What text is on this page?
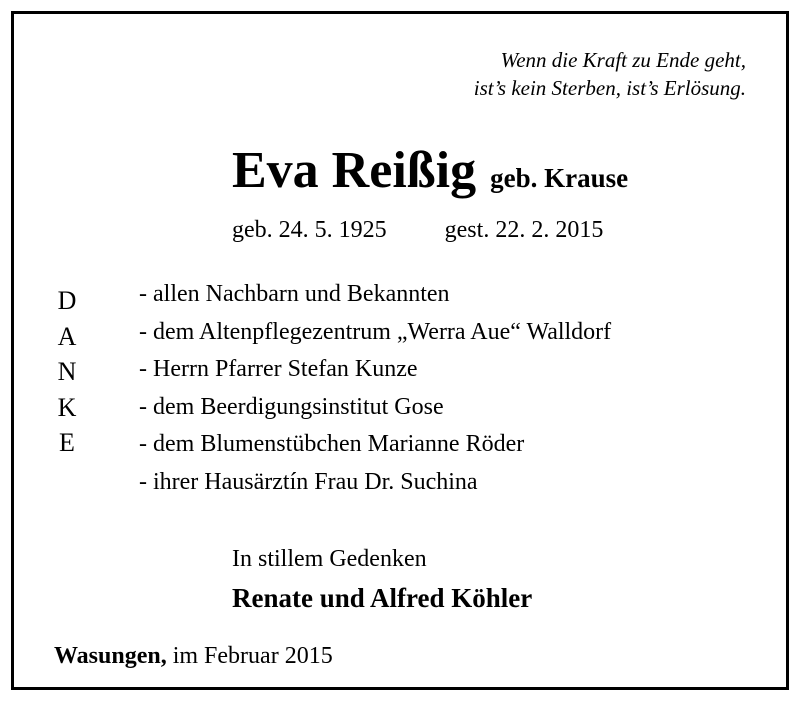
Wenn die Kraft zu Ende geht,
ist’s kein Sterben, ist’s Erlösung.
Eva Reißig geb. Krause
geb. 24. 5. 1925 gest. 22. 2. 2015
D
A
N
K
E
- allen Nachbarn und Bekannten
- dem Altenpflegezentrum „Werra Aue“ Walldorf
- Herrn Pfarrer Stefan Kunze
- dem Beerdigungsinstitut Gose
- dem Blumenstübchen Marianne Röder
- ihrer Hausärztín Frau Dr. Suchina
In stillem Gedenken
Renate und Alfred Köhler
Wasungen, im Februar 2015
